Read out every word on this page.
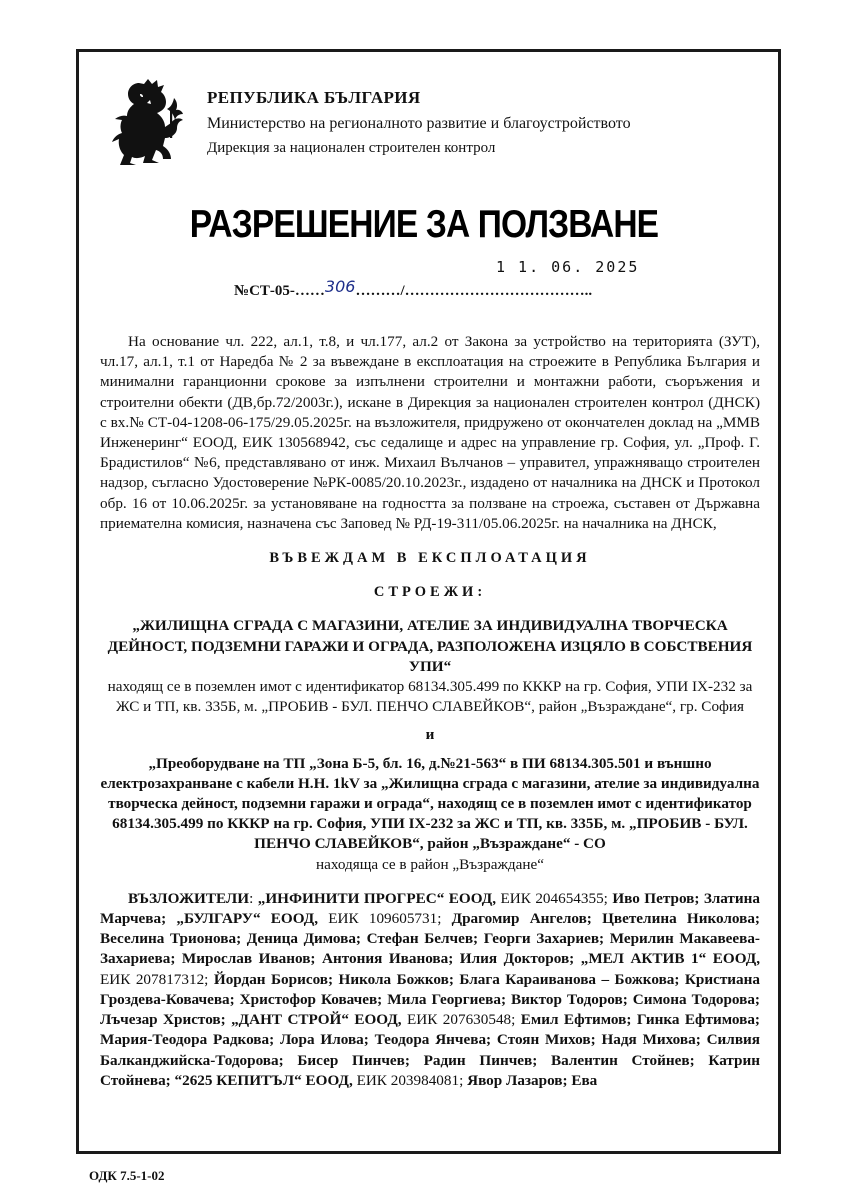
РЕПУБЛИКА БЪЛГАРИЯ
Министерство на регионалното развитие и благоустройството
Дирекция за национален строителен контрол
РАЗРЕШЕНИЕ ЗА ПОЛЗВАНЕ
1 1. 06. 2025
№СТ-05-……306………/………………………………..

На основание чл. 222, ал.1, т.8, и чл.177, ал.2 от Закона за устройство на територията (ЗУТ), чл.17, ал.1, т.1 от Наредба № 2 за въвеждане в експлоатация на строежите в Република България и минимални гаранционни срокове за изпълнени строителни и монтажни работи, съоръжения и строителни обекти (ДВ,бр.72/2003г.), искане в Дирекция за национален строителен контрол (ДНСК) с вх.№ СТ-04-1208-06-175/29.05.2025г. на възложителя, придружено от окончателен доклад на „ММВ Инженеринг“ ЕООД, ЕИК 130568942, със седалище и адрес на управление гр. София, ул. „Проф. Г. Брадистилов“ №6, представлявано от инж. Михаил Вълчанов – управител, упражняващо строителен надзор, съгласно Удостоверение №РК-0085/20.10.2023г., издадено от началника на ДНСК и Протокол обр. 16 от 10.06.2025г. за установяване на годността за ползване на строежа, съставен от Държавна приемателна комисия, назначена със Заповед № РД-19-311/05.06.2025г. на началника на ДНСК,

ВЪВЕЖДАМ В ЕКСПЛОАТАЦИЯ

СТРОЕЖИ:

„ЖИЛИЩНА СГРАДА С МАГАЗИНИ, АТЕЛИЕ ЗА ИНДИВИДУАЛНА ТВОРЧЕСКА ДЕЙНОСТ, ПОДЗЕМНИ ГАРАЖИ И ОГРАДА, РАЗПОЛОЖЕНА ИЗЦЯЛО В СОБСТВЕНИЯ УПИ“

находящ се в поземлен имот с идентификатор 68134.305.499 по КККР на гр. София, УПИ IX-232 за ЖС и ТП, кв. 335Б, м. „ПРОБИВ - БУЛ. ПЕНЧО СЛАВЕЙКОВ“, район „Възраждане“, гр. София

и

„Преоборудване на ТП „Зона Б-5, бл. 16, д.№21-563“ в ПИ 68134.305.501 и външно електрозахранване с кабели Н.Н. 1kV за „Жилищна сграда с магазини, ателие за индивидуална творческа дейност, подземни гаражи и ограда“, находящ се в поземлен имот с идентификатор 68134.305.499 по КККР на гр. София, УПИ IX-232 за ЖС и ТП, кв. 335Б, м. „ПРОБИВ - БУЛ. ПЕНЧО СЛАВЕЙКОВ“, район „Възраждане“ - СО

находяща се в район „Възраждане“

ВЪЗЛОЖИТЕЛИ: „ИНФИНИТИ ПРОГРЕС“ ЕООД, ЕИК 204654355; Иво Петров; Златина Марчева; „БУЛГАРУ“ ЕООД, ЕИК 109605731; Драгомир Ангелов; Цветелина Николова; Веселина Трионова; Деница Димова; Стефан Белчев; Георги Захариев; Мерилин Макавеева-Захариева; Мирослав Иванов; Антония Иванова; Илия Докторов; „МЕЛ АКТИВ 1“ ЕООД, ЕИК 207817312; Йордан Борисов; Никола Божков; Блага Караиванова – Божкова; Кристиана Гроздева-Ковачева; Христофор Ковачев; Мила Георгиева; Виктор Тодоров; Симона Тодорова; Лъчезар Христов; „ДАНТ СТРОЙ“ ЕООД, ЕИК 207630548; Емил Ефтимов; Гинка Ефтимова; Мария-Теодора Радкова; Лора Илова; Теодора Янчева; Стоян Михов; Надя Михова; Силвия Балканджийска-Тодорова; Бисер Пинчев; Радин Пинчев; Валентин Стойнев; Катрин Стойнева; “2625 КЕПИТЪЛ“ ЕООД, ЕИК 203984081; Явор Лазаров; Ева

ОДК 7.5-1-02
